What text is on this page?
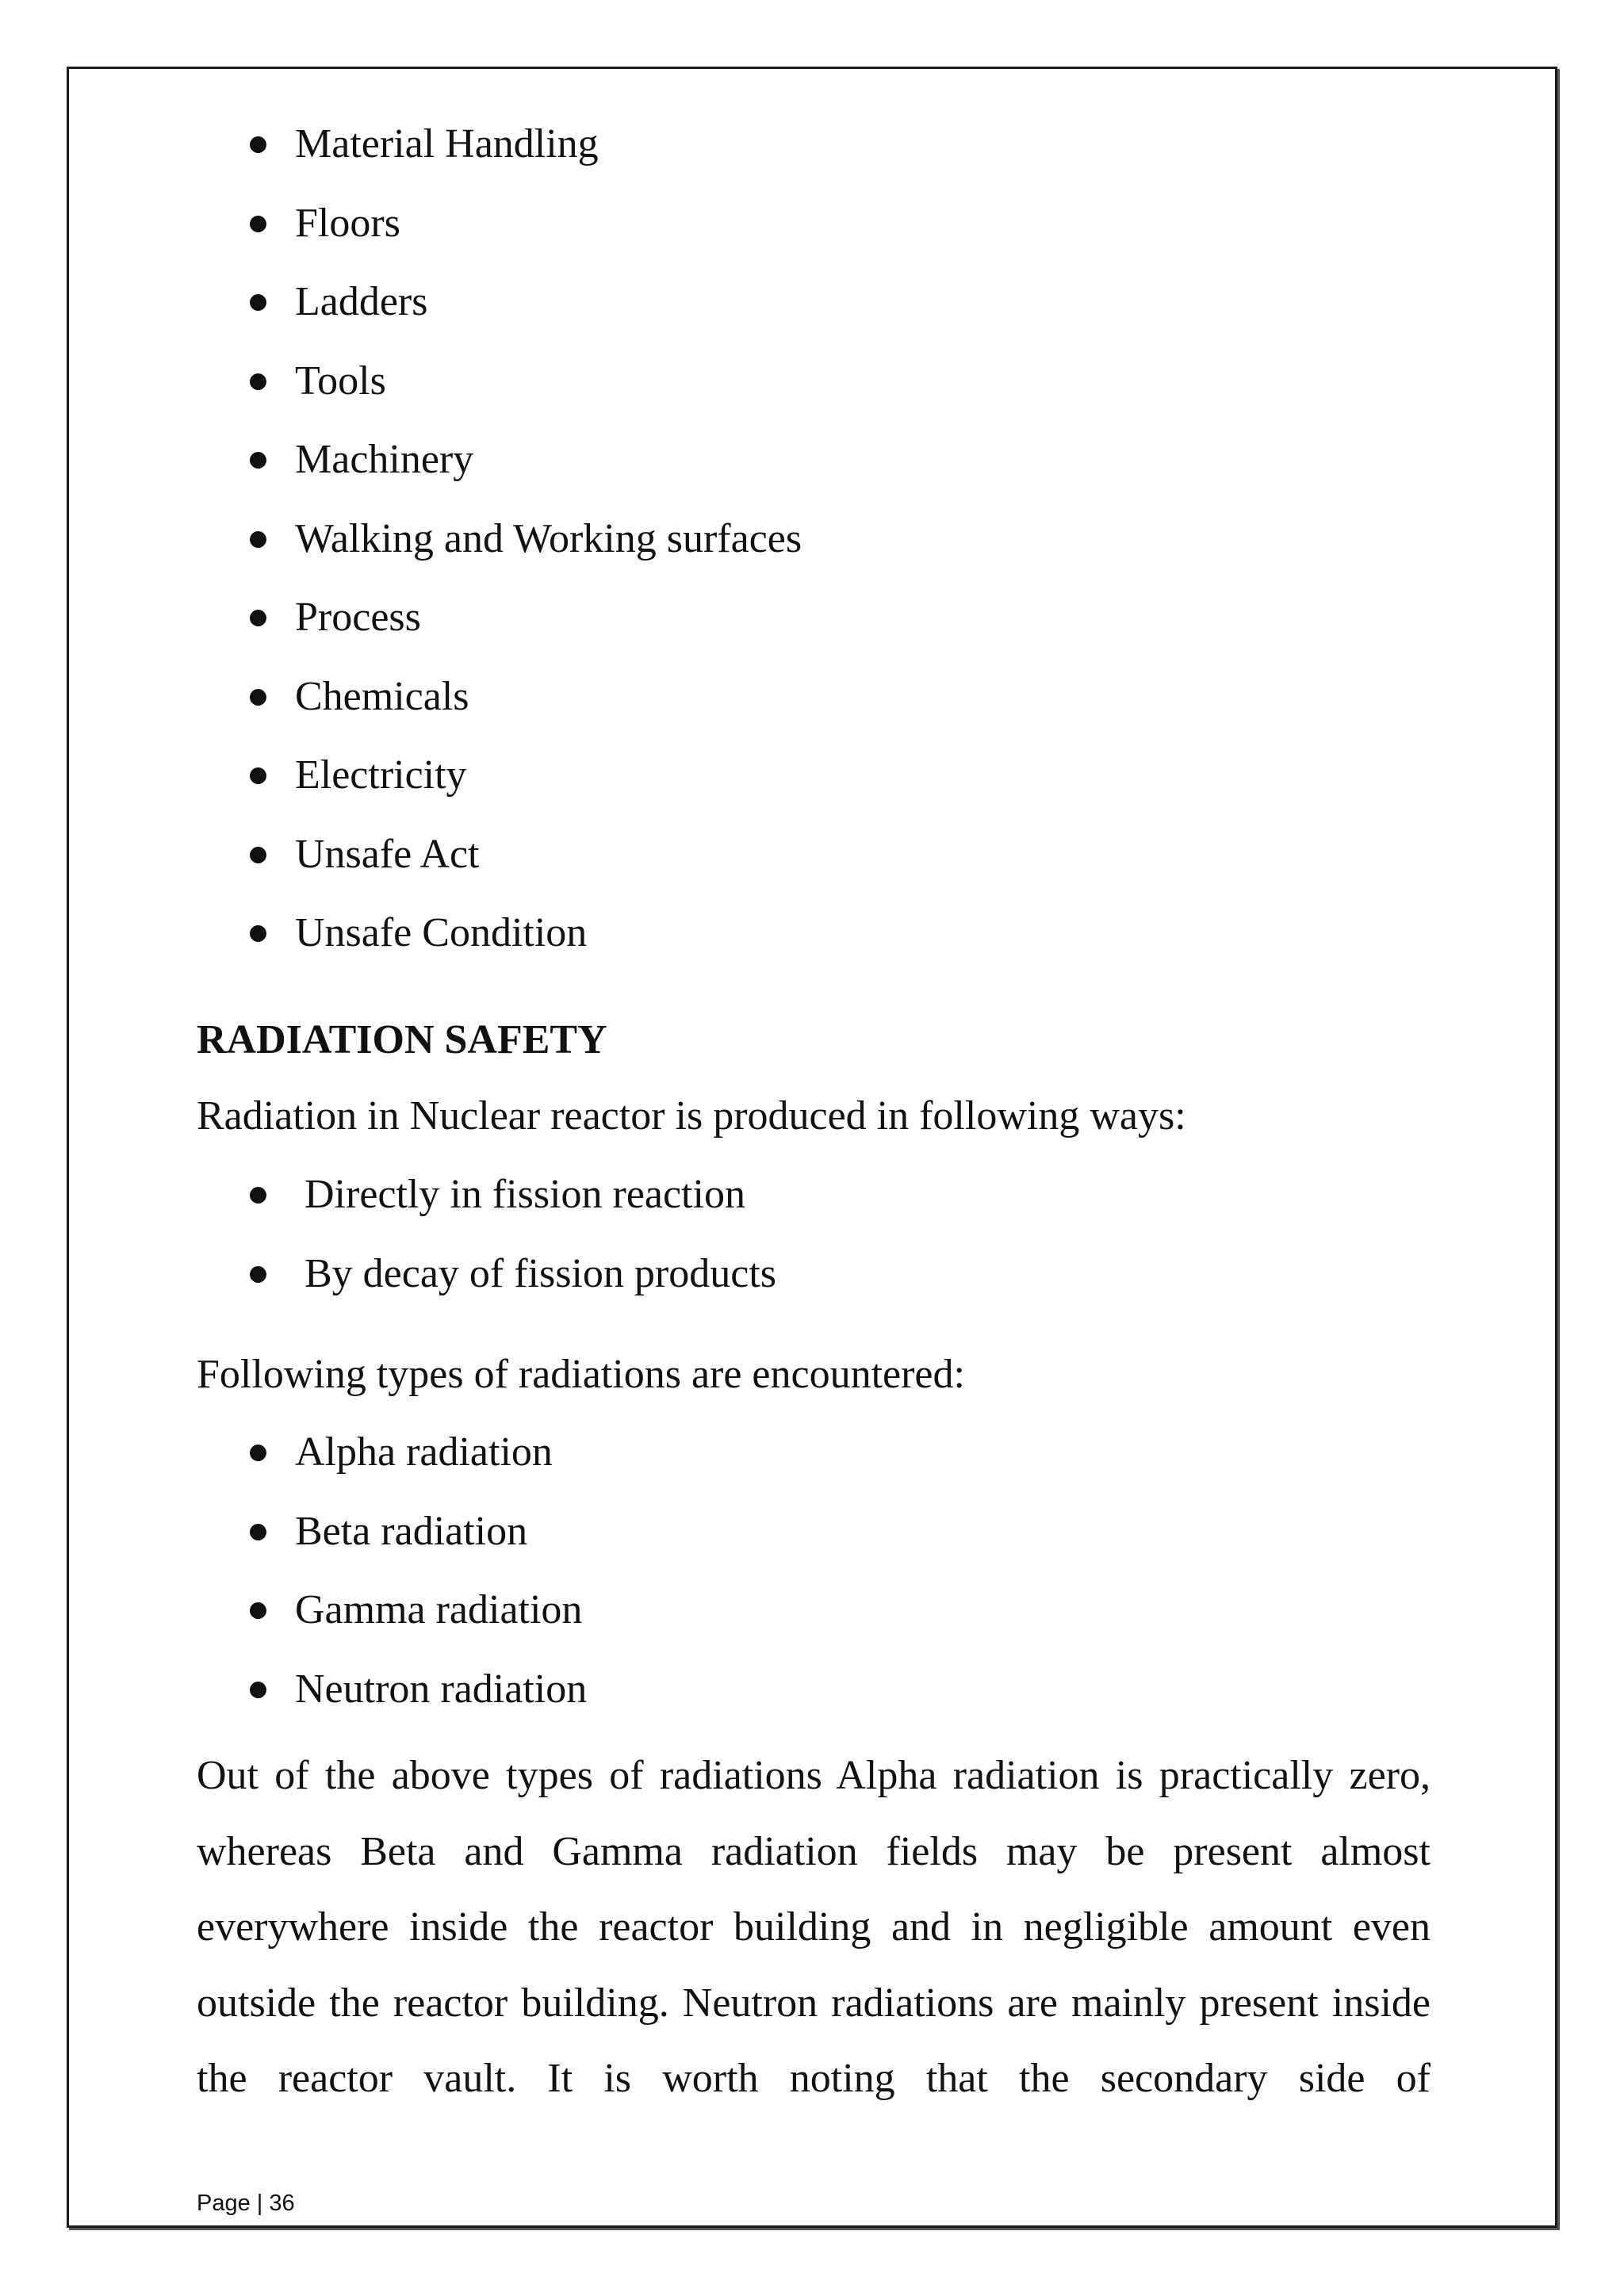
Material Handling
Floors
Ladders
Tools
Machinery
Walking and Working surfaces
Process
Chemicals
Electricity
Unsafe Act
Unsafe Condition
RADIATION SAFETY
Radiation in Nuclear reactor is produced in following ways:
Directly in fission reaction
By decay of fission products
Following types of radiations are encountered:
Alpha radiation
Beta radiation
Gamma radiation
Neutron radiation

Out of the above types of radiations Alpha radiation is practically zero, whereas Beta and Gamma radiation fields may be present almost everywhere inside the reactor building and in negligible amount even outside the reactor building. Neutron radiations are mainly present inside the reactor vault. It is worth noting that the secondary side of

Page | 36
